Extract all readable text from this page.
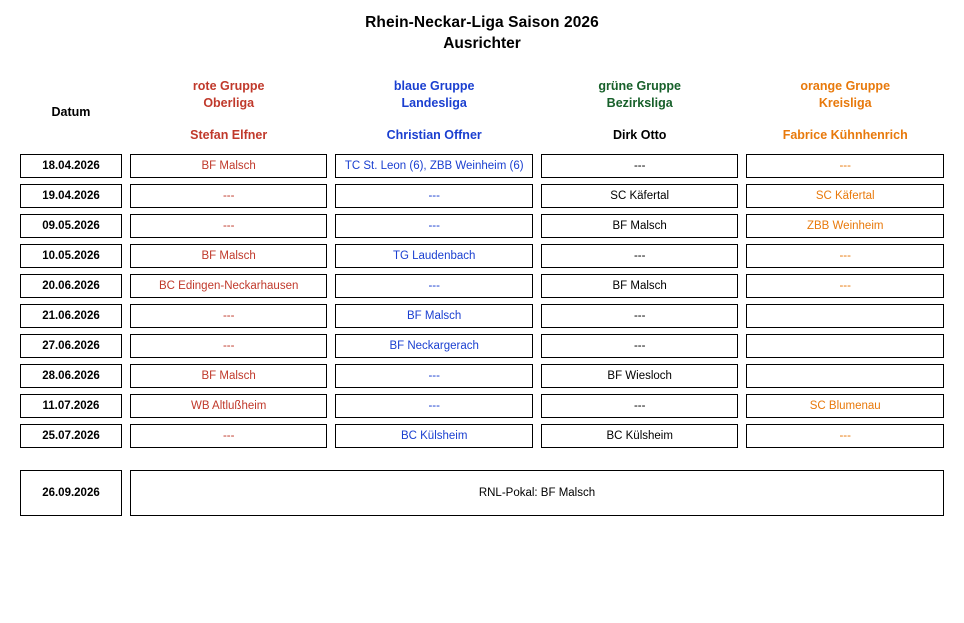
Rhein-Neckar-Liga Saison 2026
Ausrichter
Datum	
rote Gruppe
Oberliga

blaue Gruppe
Landesliga

grüne Gruppe
Bezirksliga

orange Gruppe
Kreisliga

	Stefan Elfner	Christian Offner	Dirk Otto	Fabrice Kühnhenrich
18.04.2026	BF Malsch	TC St. Leon (6), ZBB Weinheim (6)	---	---
19.04.2026	---	---	SC Käfertal	SC Käfertal
09.05.2026	---	---	BF Malsch	ZBB Weinheim
10.05.2026	BF Malsch	TG Laudenbach	---	---
20.06.2026	BC Edingen-Neckarhausen	---	BF Malsch	---
21.06.2026	---	BF Malsch	---	
27.06.2026	---	BF Neckargerach	---	
28.06.2026	BF Malsch	---	BF Wiesloch	
11.07.2026	WB Altlußheim	---	---	SC Blumenau
25.07.2026	---	BC Külsheim	BC Külsheim	---

26.09.2026	RNL-Pokal: BF Malsch			
